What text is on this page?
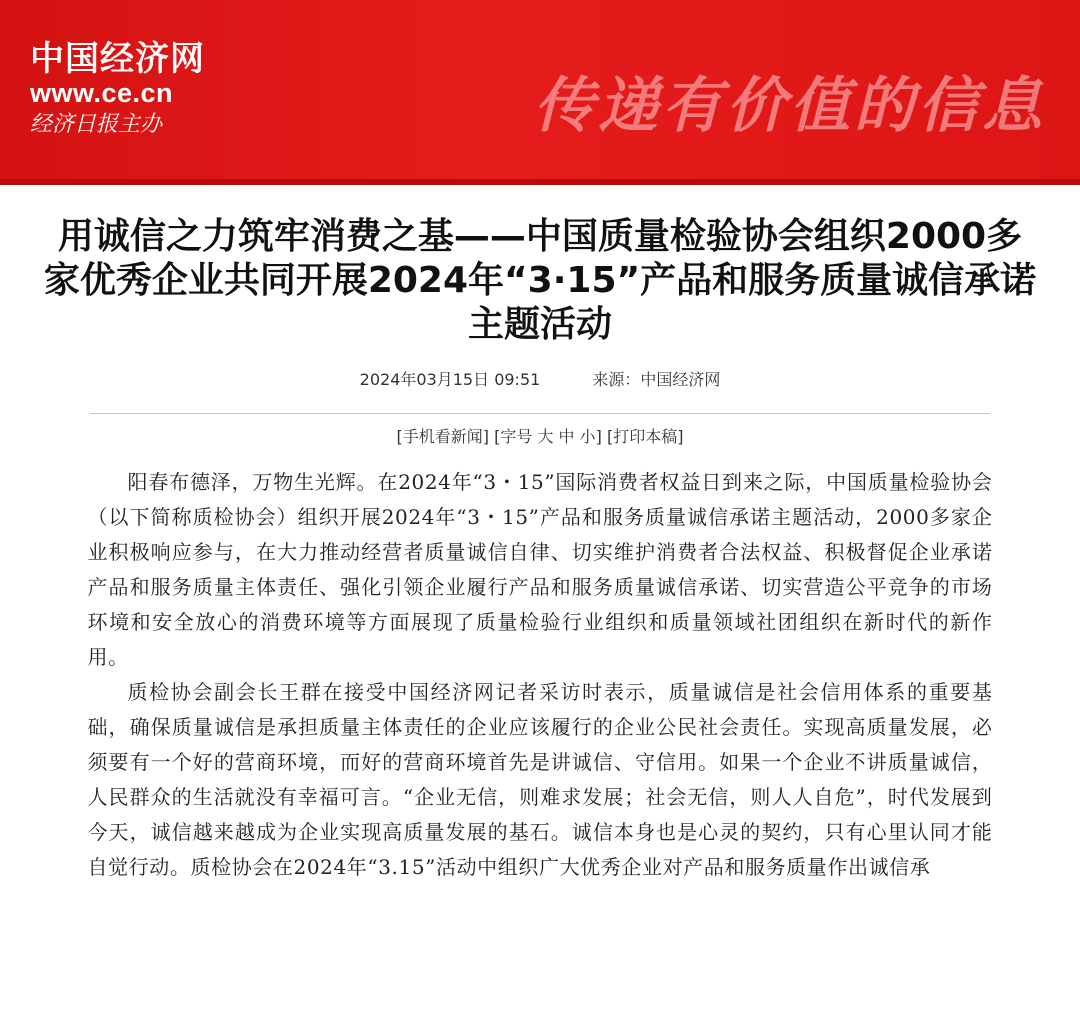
中国经济网
www.ce.cn
经济日报主办	传递有价值的信息
用诚信之力筑牢消费之基——中国质量检验协会组织2000多家优秀企业共同开展2024年“3·15”产品和服务质量诚信承诺主题活动
2024年03月15日 09:51	来源：中国经济网
[手机看新闻] [字号 大 中 小] [打印本稿]

阳春布德泽，万物生光辉。在2024年“3・15”国际消费者权益日到来之际，中国质量检验协会（以下简称质检协会）组织开展2024年“3・15”产品和服务质量诚信承诺主题活动，2000多家企业积极响应参与，在大力推动经营者质量诚信自律、切实维护消费者合法权益、积极督促企业承诺产品和服务质量主体责任、强化引领企业履行产品和服务质量诚信承诺、切实营造公平竞争的市场环境和安全放心的消费环境等方面展现了质量检验行业组织和质量领域社团组织在新时代的新作用。

质检协会副会长王群在接受中国经济网记者采访时表示，质量诚信是社会信用体系的重要基础，确保质量诚信是承担质量主体责任的企业应该履行的企业公民社会责任。实现高质量发展，必须要有一个好的营商环境，而好的营商环境首先是讲诚信、守信用。如果一个企业不讲质量诚信，人民群众的生活就没有幸福可言。“企业无信，则难求发展；社会无信，则人人自危”，时代发展到今天，诚信越来越成为企业实现高质量发展的基石。诚信本身也是心灵的契约，只有心里认同才能自觉行动。质检协会在2024年“3.15”活动中组织广大优秀企业对产品和服务质量作出诚信承
